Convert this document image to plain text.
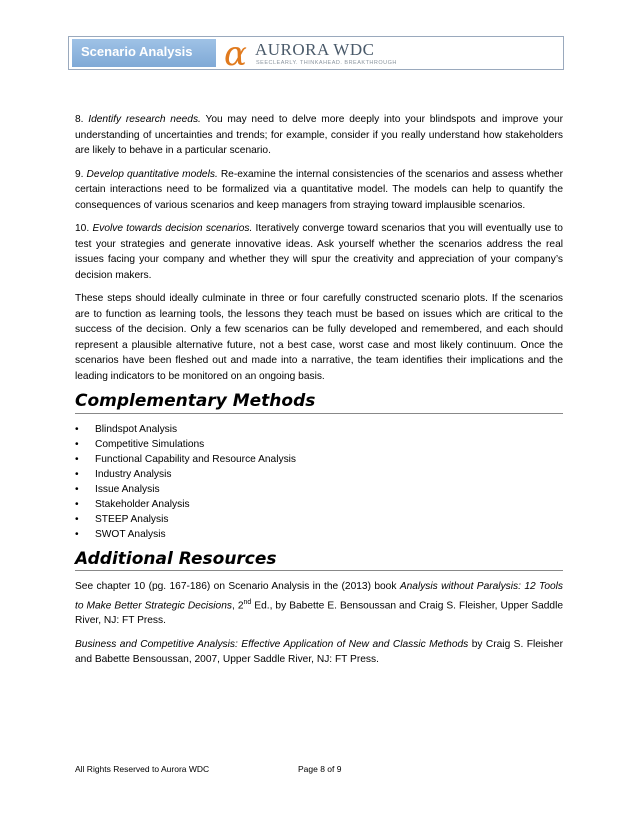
Scenario Analysis α AURORA WDC
SEECLEARLY. THINKAHEAD. BREAKTHROUGH

8. Identify research needs. You may need to delve more deeply into your blindspots and improve your understanding of uncertainties and trends; for example, consider if you really understand how stakeholders are likely to behave in a particular scenario.

9. Develop quantitative models. Re-examine the internal consistencies of the scenarios and assess whether certain interactions need to be formalized via a quantitative model. The models can help to quantify the consequences of various scenarios and keep managers from straying toward implausible scenarios.

10. Evolve towards decision scenarios. Iteratively converge toward scenarios that you will eventually use to test your strategies and generate innovative ideas. Ask yourself whether the scenarios address the real issues facing your company and whether they will spur the creativity and appreciation of your company’s decision makers.

These steps should ideally culminate in three or four carefully constructed scenario plots. If the scenarios are to function as learning tools, the lessons they teach must be based on issues which are critical to the success of the decision. Only a few scenarios can be fully developed and remembered, and each should represent a plausible alternative future, not a best case, worst case and most likely continuum. Once the scenarios have been fleshed out and made into a narrative, the team identifies their implications and the leading indicators to be monitored on an ongoing basis.

Complementary Methods
• Blindspot Analysis
• Competitive Simulations
• Functional Capability and Resource Analysis
• Industry Analysis
• Issue Analysis
• Stakeholder Analysis
• STEEP Analysis
• SWOT Analysis
Additional Resources

See chapter 10 (pg. 167-186) on Scenario Analysis in the (2013) book Analysis without Paralysis: 12 Tools to Make Better Strategic Decisions, 2nd Ed., by Babette E. Bensoussan and Craig S. Fleisher, Upper Saddle River, NJ: FT Press.

Business and Competitive Analysis: Effective Application of New and Classic Methods by Craig S. Fleisher and Babette Bensoussan, 2007, Upper Saddle River, NJ: FT Press.

All Rights Reserved to Aurora WDC	Page 8 of 9
